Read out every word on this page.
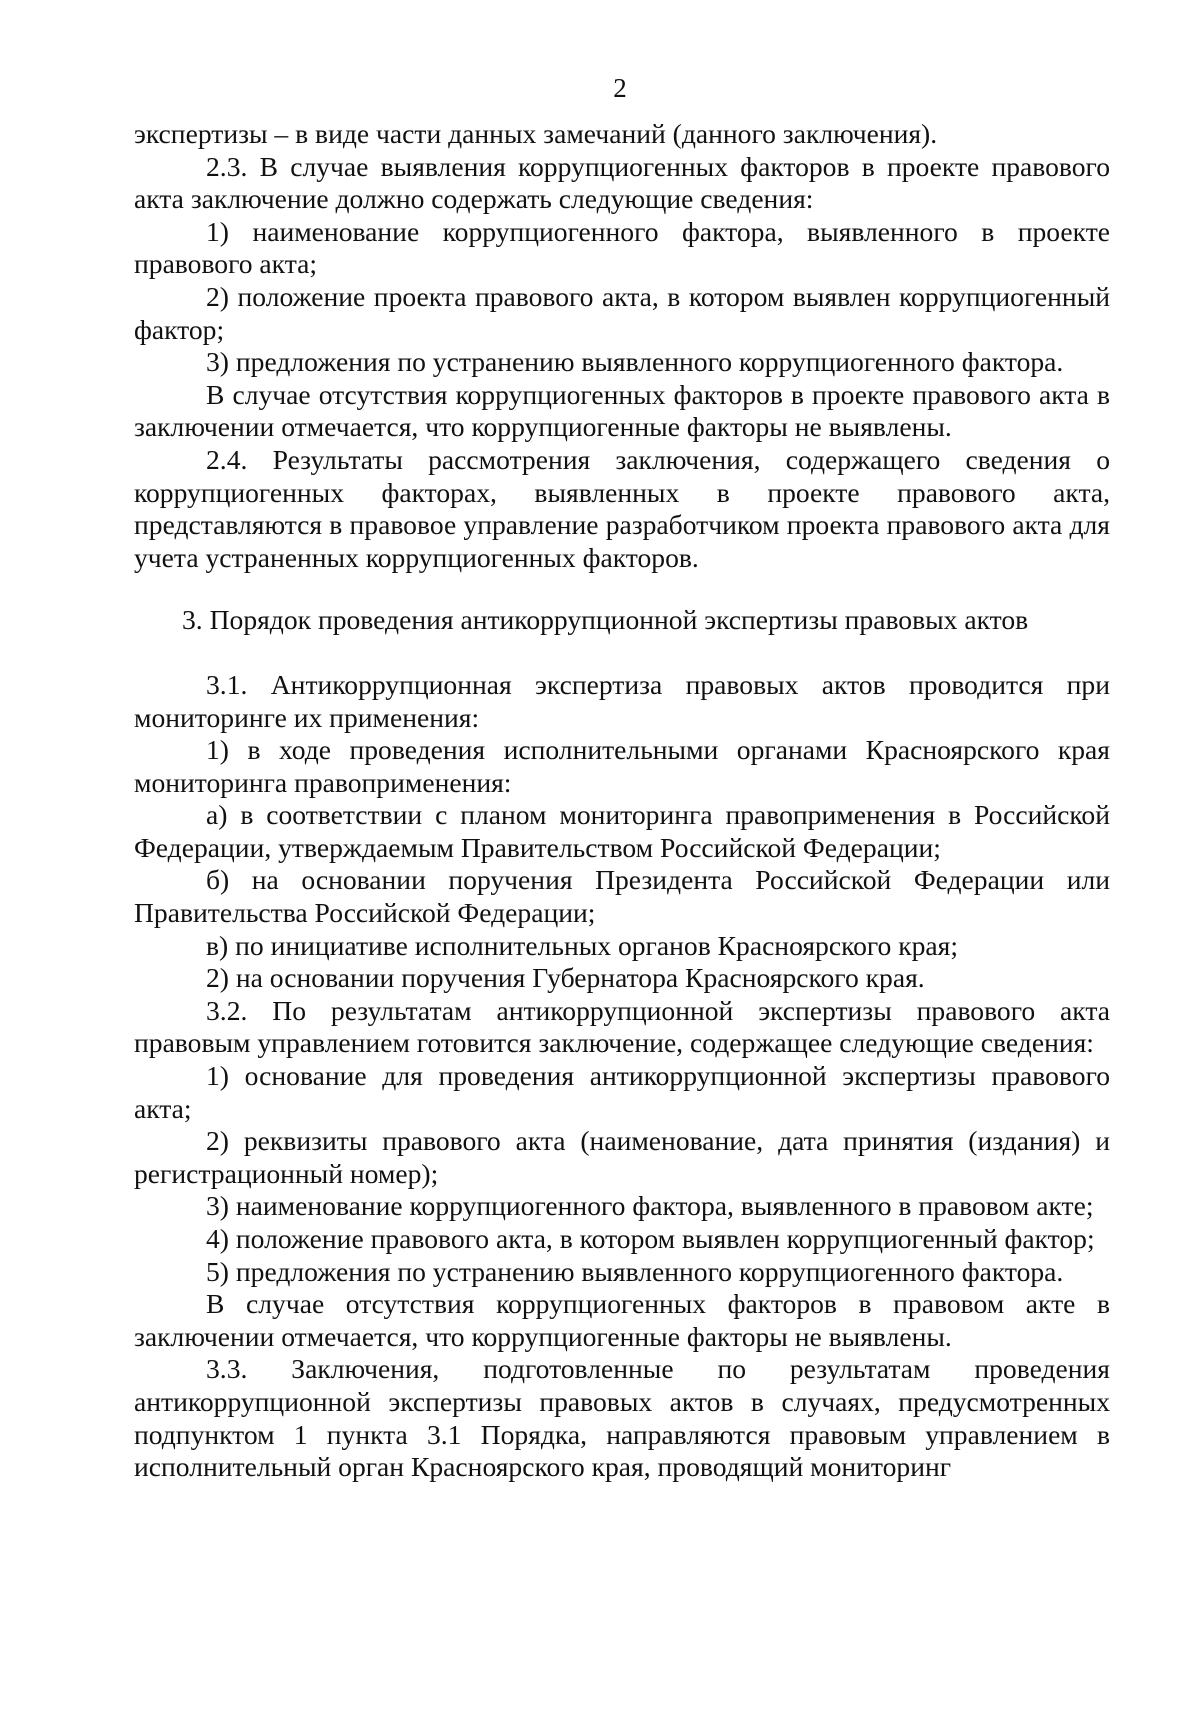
2

экспертизы – в виде части данных замечаний (данного заключения).

2.3. В случае выявления коррупциогенных факторов в проекте правового акта заключение должно содержать следующие сведения:

1) наименование коррупциогенного фактора, выявленного в проекте правового акта;

2) положение проекта правового акта, в котором выявлен коррупциогенный фактор;

3) предложения по устранению выявленного коррупциогенного фактора.

В случае отсутствия коррупциогенных факторов в проекте правового акта в заключении отмечается, что коррупциогенные факторы не выявлены.

2.4. Результаты рассмотрения заключения, содержащего сведения о коррупциогенных факторах, выявленных в проекте правового акта, представляются в правовое управление разработчиком проекта правового акта для учета устраненных коррупциогенных факторов.

3. Порядок проведения антикоррупционной экспертизы правовых актов

3.1. Антикоррупционная экспертиза правовых актов проводится при мониторинге их применения:

1) в ходе проведения исполнительными органами Красноярского края мониторинга правоприменения:

а) в соответствии с планом мониторинга правоприменения в Российской Федерации, утверждаемым Правительством Российской Федерации;

б) на основании поручения Президента Российской Федерации или Правительства Российской Федерации;

в) по инициативе исполнительных органов Красноярского края;

2) на основании поручения Губернатора Красноярского края.

3.2. По результатам антикоррупционной экспертизы правового акта правовым управлением готовится заключение, содержащее следующие сведения:

1) основание для проведения антикоррупционной экспертизы правового акта;

2) реквизиты правового акта (наименование, дата принятия (издания) и регистрационный номер);

3) наименование коррупциогенного фактора, выявленного в правовом акте;

4) положение правового акта, в котором выявлен коррупциогенный фактор;

5) предложения по устранению выявленного коррупциогенного фактора.

В случае отсутствия коррупциогенных факторов в правовом акте в заключении отмечается, что коррупциогенные факторы не выявлены.

3.3. Заключения, подготовленные по результатам проведения антикоррупционной экспертизы правовых актов в случаях, предусмотренных подпунктом 1 пункта 3.1 Порядка, направляются правовым управлением в исполнительный орган Красноярского края, проводящий мониторинг
